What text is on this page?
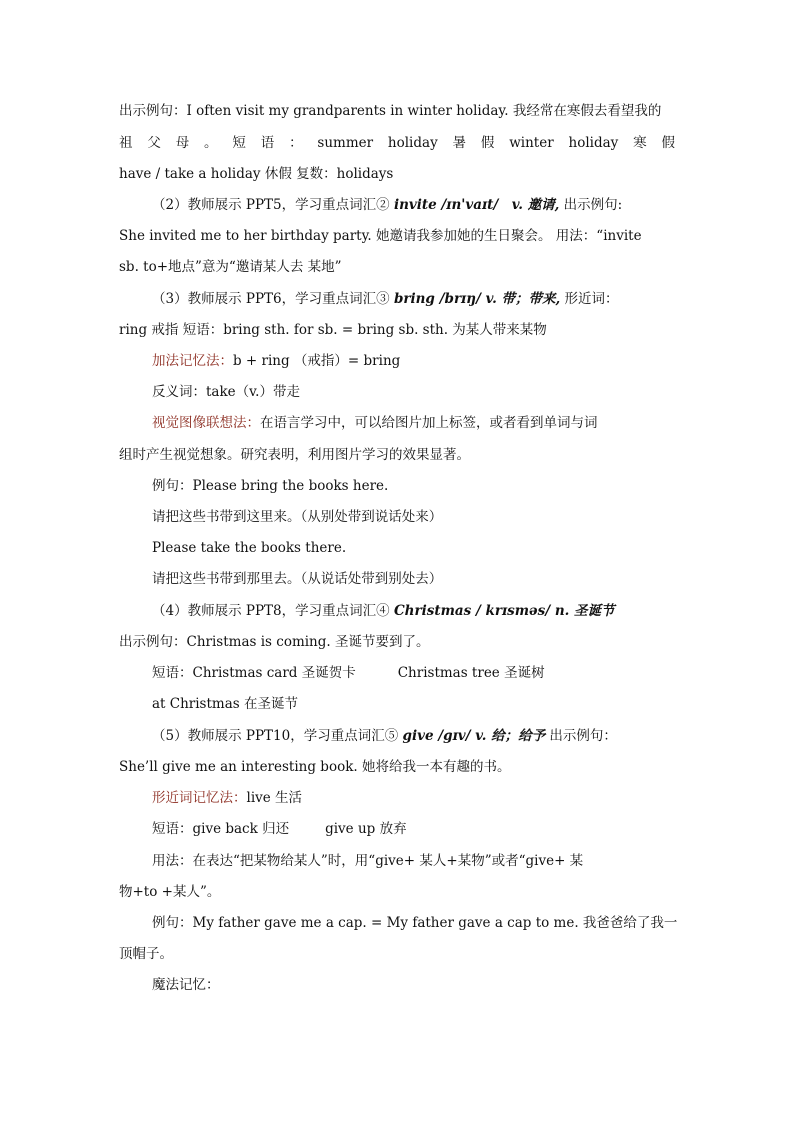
出示例句：I often visit my grandparents in winter holiday. 我经常在寒假去看望我的
祖 父 母 。 短 语 ： summer holiday 暑 假 winter holiday 寒 假
have / take a holiday 休假 复数：holidays
（2）教师展示 PPT5，学习重点词汇② invite /ɪn'vaɪt/　v. 邀请, 出示例句:
She invited me to her birthday party. 她邀请我参加她的生日聚会。 用法：“invite
sb. to+地点”意为“邀请某人去 某地”
（3）教师展示 PPT6，学习重点词汇③ bring /brɪŋ/ v. 带；带来, 形近词：
ring 戒指 短语：bring sth. for sb. = bring sb. sth. 为某人带来某物
加法记忆法：b + ring （戒指）= bring
反义词：take（v.）带走
视觉图像联想法：在语言学习中，可以给图片加上标签，或者看到单词与词
组时产生视觉想象。研究表明，利用图片学习的效果显著。
例句：Please bring the books here.
请把这些书带到这里来。（从别处带到说话处来）
Please take the books there.
请把这些书带到那里去。（从说话处带到别处去）
（4）教师展示 PPT8，学习重点词汇④ Christmas / krɪsməs/ n. 圣诞节
出示例句：Christmas is coming. 圣诞节要到了。
短语：Christmas card 圣诞贺卡	Christmas tree 圣诞树
at Christmas 在圣诞节
（5）教师展示 PPT10，学习重点词汇⑤ give /gɪv/ v. 给；给予 出示例句：
She’ll give me an interesting book. 她将给我一本有趣的书。
形近词记忆法：live 生活
短语：give back 归还	give up 放弃
用法：在表达“把某物给某人”时，用“give+ 某人+某物”或者“give+ 某
物+to +某人”。
例句：My father gave me a cap. = My father gave a cap to me. 我爸爸给了我一
顶帽子。
魔法记忆：
